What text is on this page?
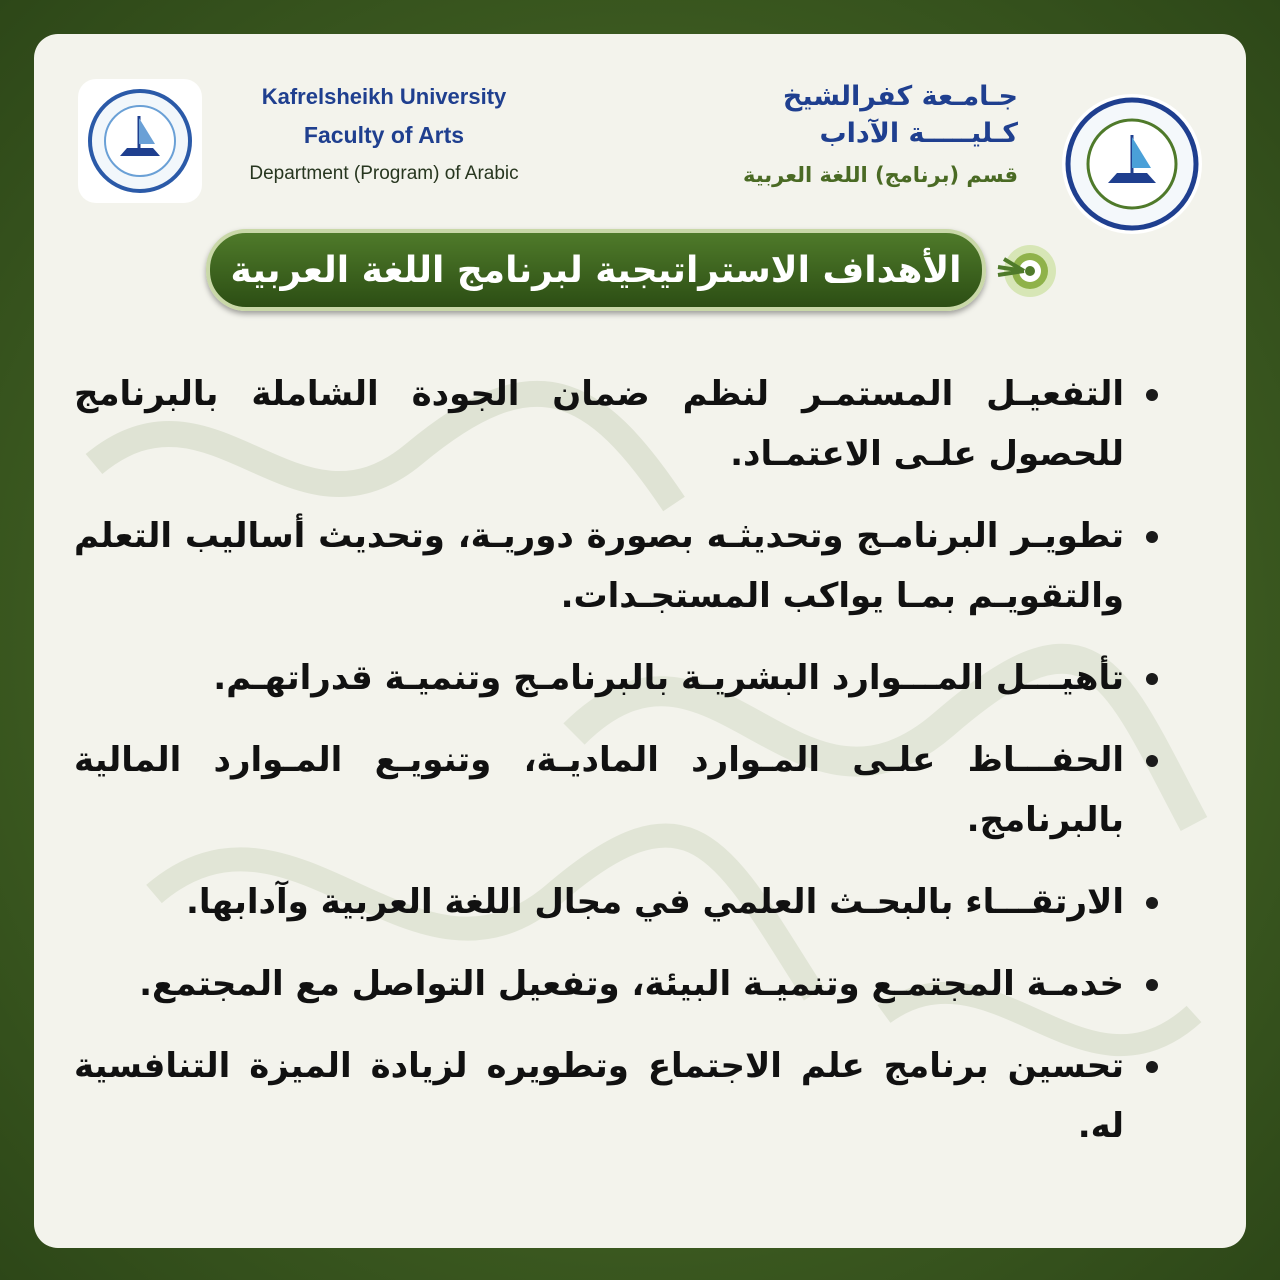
Kafrelsheikh University
Faculty of Arts
Department (Program) of Arabic
جـامـعة كفرالشيخ
كـليـــــة الآداب
قسم (برنامج) اللغة العربية
الأهداف الاستراتيجية لبرنامج اللغة العربية
التفعيـل المستمـر لنظم ضمان الجودة الشاملة بالبرنامج للحصول علـى الاعتمـاد.
تطويـر البرنامـج وتحديثـه بصورة دوريـة، وتحديث أساليب التعلم والتقويـم بمـا يواكب المستجـدات.
تأهيـــل المـــوارد البشريـة بالبرنامـج وتنميـة قدراتهـم.
الحفـــاظ علـى المـوارد الماديـة، وتنويـع المـوارد المالية بالبرنامج.
الارتقـــاء بالبحـث العلمي في مجال اللغة العربية وآدابها.
خدمـة المجتمـع وتنميـة البيئة، وتفعيل التواصل مع المجتمع.
تحسين برنامج علم الاجتماع وتطويره لزيادة الميزة التنافسية له.
